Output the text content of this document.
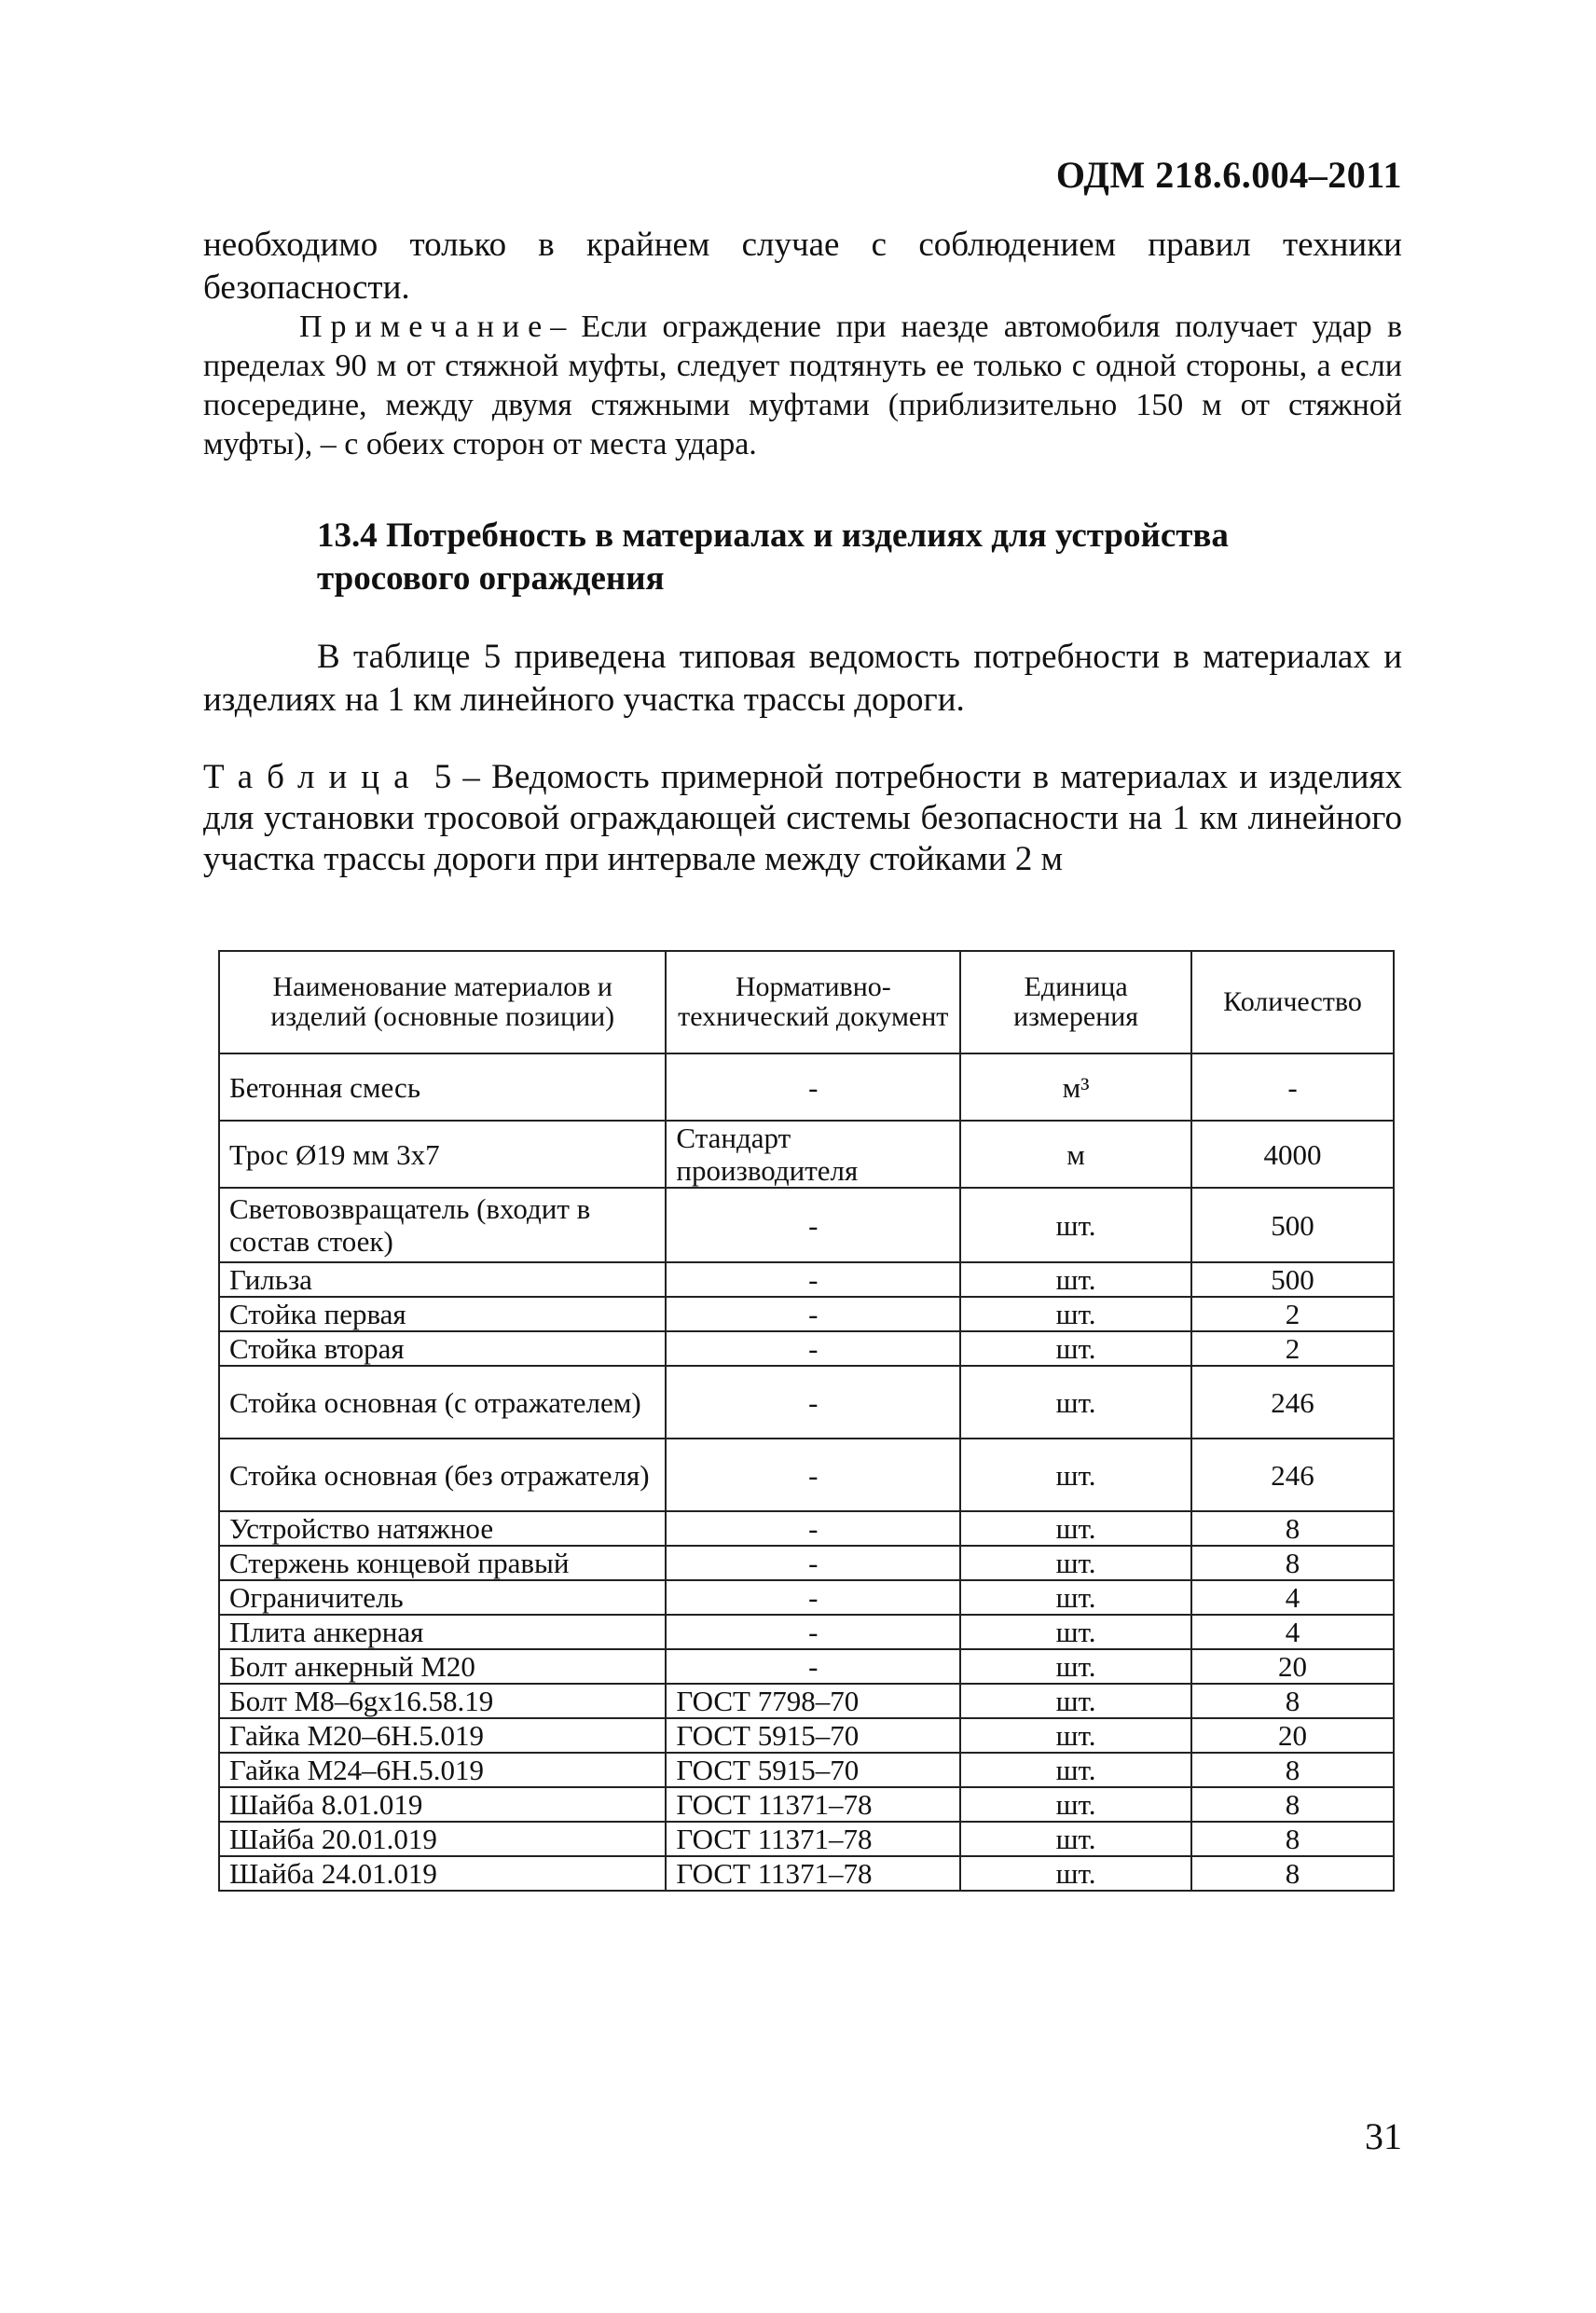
ОДМ 218.6.004–2011
необходимо только в крайнем случае с соблюдением правил техники безопасности.
Примечание– Если ограждение при наезде автомобиля получает удар в пределах 90 м от стяжной муфты, следует подтянуть ее только с одной стороны, а если посередине, между двумя стяжными муфтами (приблизительно 150 м от стяжной муфты), – с обеих сторон от места удара.
13.4 Потребность в материалах и изделиях для устройства тросового ограждения
В таблице 5 приведена типовая ведомость потребности в материалах и изделиях на 1 км линейного участка трассы дороги.
Таблица 5 – Ведомость примерной потребности в материалах и изделиях для установки тросовой ограждающей системы безопасности на 1 км линейного участка трассы дороги при интервале между стойками 2 м
Наименование материалов и изделий (основные позиции)	Нормативно-технический документ	Единица измерения	Количество
Бетонная смесь	-	м³	-
Трос Ø19 мм 3х7	Стандарт производителя	м	4000
Световозвращатель (входит в состав стоек)	-	шт.	500
Гильза	-	шт.	500
Стойка первая	-	шт.	2
Стойка вторая	-	шт.	2
Стойка основная (с отражателем)	-	шт.	246
Стойка основная (без отражателя)	-	шт.	246
Устройство натяжное	-	шт.	8
Стержень концевой правый	-	шт.	8
Ограничитель	-	шт.	4
Плита анкерная	-	шт.	4
Болт анкерный М20	-	шт.	20
Болт М8–6gх16.58.19	ГОСТ 7798–70	шт.	8
Гайка М20–6Н.5.019	ГОСТ 5915–70	шт.	20
Гайка М24–6Н.5.019	ГОСТ 5915–70	шт.	8
Шайба 8.01.019	ГОСТ 11371–78	шт.	8
Шайба 20.01.019	ГОСТ 11371–78	шт.	8
Шайба 24.01.019	ГОСТ 11371–78	шт.	8
31
